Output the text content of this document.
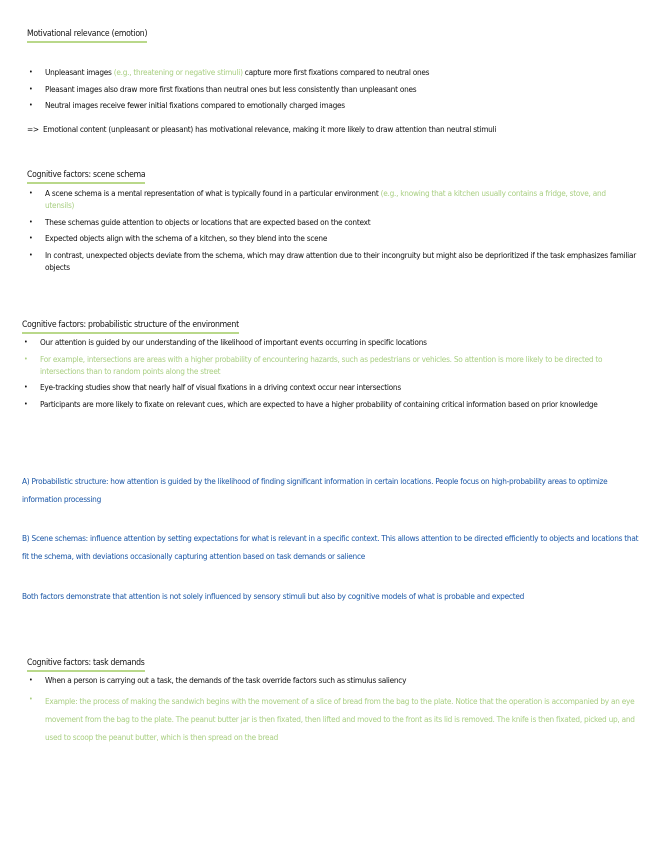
Motivational relevance (emotion)
• Unpleasant images (e.g., threatening or negative stimuli) capture more first fixations compared to neutral ones
• Pleasant images also draw more first fixations than neutral ones but less consistently than unpleasant ones
• Neutral images receive fewer initial fixations compared to emotionally charged images

=> Emotional content (unpleasant or pleasant) has motivational relevance, making it more likely to draw attention than neutral stimuli

Cognitive factors: scene schema
• A scene schema is a mental representation of what is typically found in a particular environment (e.g., knowing that a kitchen usually contains a fridge, stove, and utensils)
• These schemas guide attention to objects or locations that are expected based on the context
• Expected objects align with the schema of a kitchen, so they blend into the scene
• In contrast, unexpected objects deviate from the schema, which may draw attention due to their incongruity but might also be deprioritized if the task emphasizes familiar objects
Cognitive factors: probabilistic structure of the environment
• Our attention is guided by our understanding of the likelihood of important events occurring in specific locations
• For example, intersections are areas with a higher probability of encountering hazards, such as pedestrians or vehicles. So attention is more likely to be directed to intersections than to random points along the street
• Eye-tracking studies show that nearly half of visual fixations in a driving context occur near intersections
• Participants are more likely to fixate on relevant cues, which are expected to have a higher probability of containing critical information based on prior knowledge

A) Probabilistic structure: how attention is guided by the likelihood of finding significant information in certain locations. People focus on high-probability areas to optimize information processing

B) Scene schemas: influence attention by setting expectations for what is relevant in a specific context. This allows attention to be directed efficiently to objects and locations that fit the schema, with deviations occasionally capturing attention based on task demands or salience

Both factors demonstrate that attention is not solely influenced by sensory stimuli but also by cognitive models of what is probable and expected

Cognitive factors: task demands
• When a person is carrying out a task, the demands of the task override factors such as stimulus saliency
• Example: the process of making the sandwich begins with the movement of a slice of bread from the bag to the plate. Notice that the operation is accompanied by an eye movement from the bag to the plate. The peanut butter jar is then fixated, then lifted and moved to the front as its lid is removed. The knife is then fixated, picked up, and used to scoop the peanut butter, which is then spread on the bread
